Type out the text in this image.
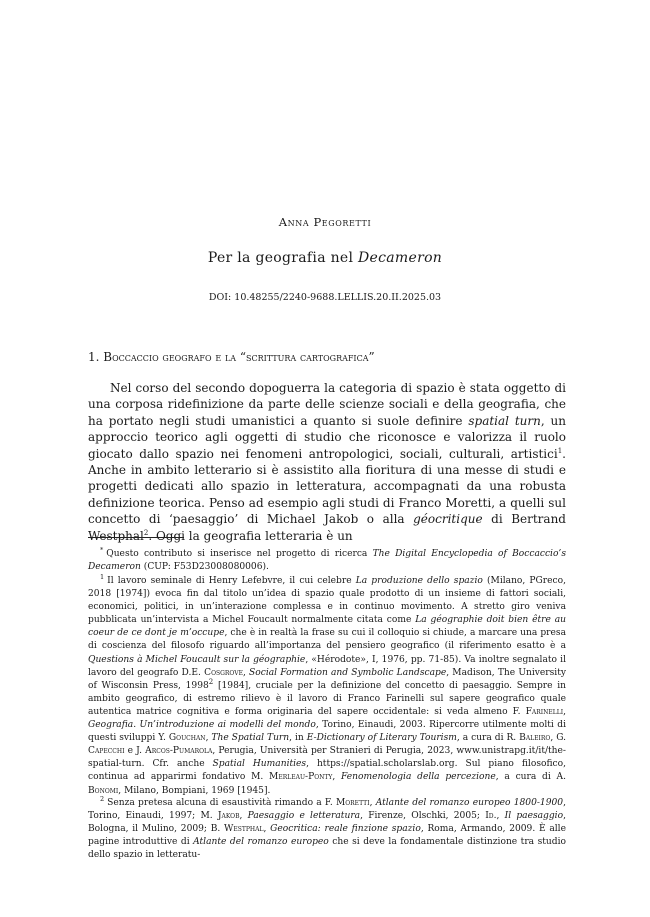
Anna Pegoretti
Per la geografia nel Decameron
DOI: 10.48255/2240-9688.LELLIS.20.II.2025.03
1. Boccaccio geografo e la “scrittura cartografica”

Nel corso del secondo dopoguerra la categoria di spazio è stata oggetto di una corposa ridefinizione da parte delle scienze sociali e della geografia, che ha portato negli studi umanistici a quanto si suole definire spatial turn, un approccio teorico agli oggetti di studio che riconosce e valorizza il ruolo giocato dallo spazio nei fenomeni antropologici, sociali, culturali, artistici$^1$. Anche in ambito letterario si è assistito alla fioritura di una messe di studi e progetti dedicati allo spazio in letteratura, accompagnati da una robusta definizione teorica. Penso ad esempio agli studi di Franco Moretti, a quelli sul concetto di ‘paesaggio’ di Michael Jakob o alla géocritique di Bertrand Westphal$^2$. Oggi la geografia letteraria è un

* Questo contributo si inserisce nel progetto di ricerca The Digital Encyclopedia of Boccaccio’s Decameron (CUP: F53D23008080006).

$^1$ Il lavoro seminale di Henry Lefebvre, il cui celebre La produzione dello spazio (Milano, PGreco, 2018 [1974]) evoca fin dal titolo un’idea di spazio quale prodotto di un insieme di fattori sociali, economici, politici, in un’interazione complessa e in continuo movimento. A stretto giro veniva pubblicata un’intervista a Michel Foucault normalmente citata come La géographie doit bien être au coeur de ce dont je m’occupe, che è in realtà la frase su cui il colloquio si chiude, a marcare una presa di coscienza del filosofo riguardo all’importanza del pensiero geografico (il riferimento esatto è a Questions à Michel Foucault sur la géographie, «Hérodote», I, 1976, pp. 71-85). Va inoltre segnalato il lavoro del geografo D.E. Cosgrove, Social Formation and Symbolic Landscape, Madison, The University of Wisconsin Press, 1998$^2$ [1984], cruciale per la definizione del concetto di paesaggio. Sempre in ambito geografico, di estremo rilievo è il lavoro di Franco Farinelli sul sapere geografico quale autentica matrice cognitiva e forma originaria del sapere occidentale: si veda almeno F. Farinelli, Geografia. Un’introduzione ai modelli del mondo, Torino, Einaudi, 2003. Ripercorre utilmente molti di questi sviluppi Y. Gouchan, The Spatial Turn, in E-Dictionary of Literary Tourism, a cura di R. Baleiro, G. Capecchi e J. Arcos-Pumarola, Perugia, Università per Stranieri di Perugia, 2023, www.unistrapg.it/it/the-spatial-turn. Cfr. anche Spatial Humanities, https://spatial.scholarslab.org. Sul piano filosofico, continua ad apparirmi fondativo M. Merleau-Ponty, Fenomenologia della percezione, a cura di A. Bonomi, Milano, Bompiani, 1969 [1945].

$^2$ Senza pretesa alcuna di esaustività rimando a F. Moretti, Atlante del romanzo europeo 1800-1900, Torino, Einaudi, 1997; M. Jakob, Paesaggio e letteratura, Firenze, Olschki, 2005; Id., Il paesaggio, Bologna, il Mulino, 2009; B. Westphal, Geocritica: reale finzione spazio, Roma, Armando, 2009. È alle pagine introduttive di Atlante del romanzo europeo che si deve la fondamentale distinzione tra studio dello spazio in letteratu-
